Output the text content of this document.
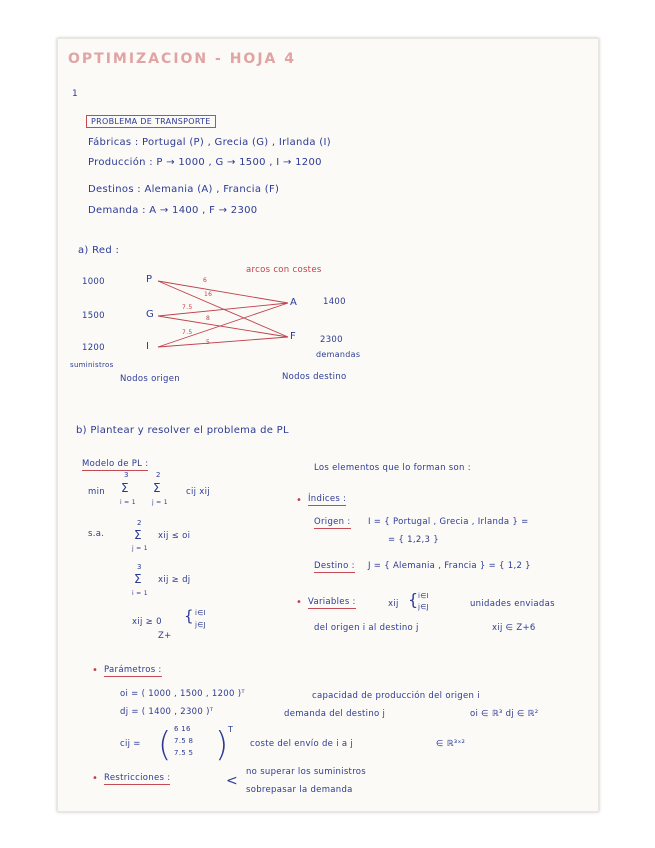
OPTIMIZACION - HOJA 4
1
PROBLEMA DE TRANSPORTE
Fábricas : Portugal (P) , Grecia (G) , Irlanda (I)
Producción : P → 1000 , G → 1500 , I → 1200
Destinos : Alemania (A) , Francia (F)
Demanda : A → 1400 , F → 2300
a) Red :
arcos con costes
1000
1500
1200
P
G
I
A
F
1400
2300
6
16
7.5
8
7.5
5
suministros
demandas
Nodos origen	Nodos destino
b) Plantear y resolver el problema de PL
Modelo de PL :
min
3
Σ
i = 1
2
Σ
j = 1
cij xij
s.a.
2
Σ
j = 1
xij ≤ oi
3
Σ
i = 1
xij ≥ dj
xij ≥ 0
Z+
{ i∈I
j∈J
Los elementos que lo forman son :
• Índices :
Origen : I = { Portugal , Grecia , Irlanda } =
= { 1,2,3 }
Destino : J = { Alemania , Francia } = { 1,2 }
• Variables :	xij { i∈I
j∈J	unidades enviadas
del origen i al destino j	xij ∈ Z+6
• Parámetros :
oi = ( 1000 , 1500 , 1200 )ᵀ	capacidad de producción del origen i
dj = ( 1400 , 2300 )ᵀ	demanda del destino j	oi ∈ ℝ³ dj ∈ ℝ²
cij = ( 6 16
7.5 8
7.5 5 ) T
coste del envío de i a j	∈ ℝ³ˣ²
• Restricciones :	<
no superar los suministros
sobrepasar la demanda
